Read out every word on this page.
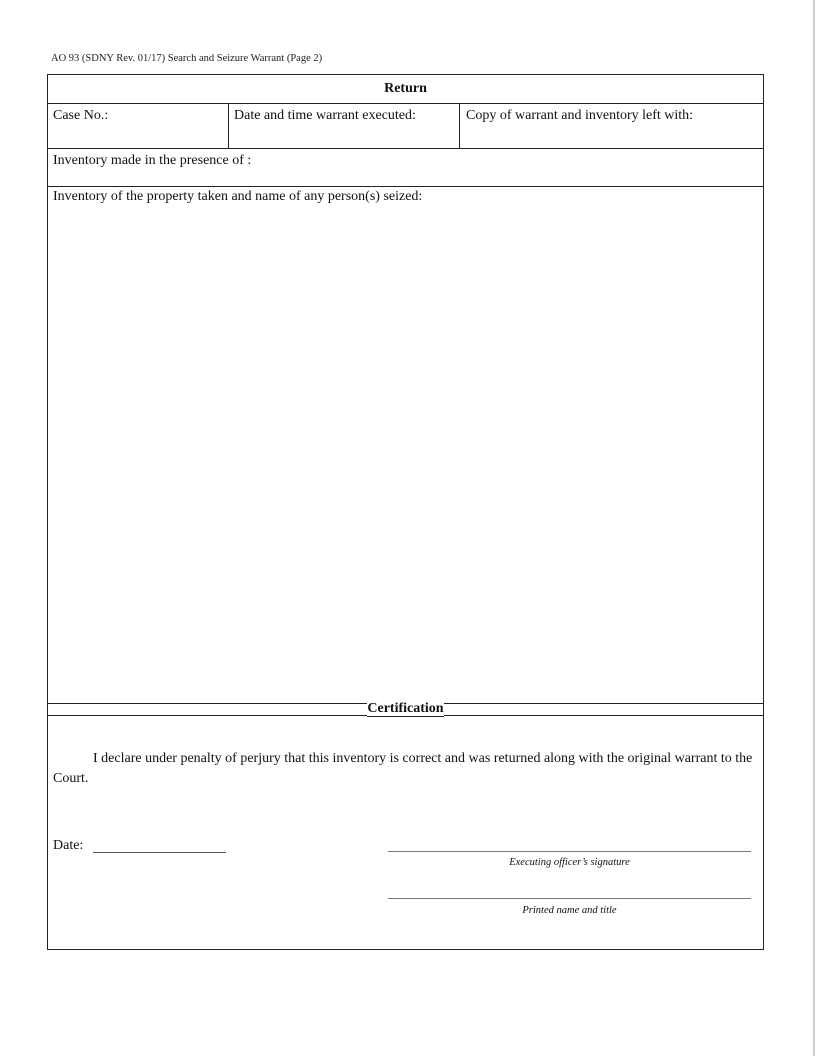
AO 93 (SDNY Rev. 01/17) Search and Seizure Warrant (Page 2)
Return
Case No.:	Date and time warrant executed:	Copy of warrant and inventory left with:
Inventory made in the presence of :
Inventory of the property taken and name of any person(s) seized:
Certification
I declare under penalty of perjury that this inventory is correct and was returned along with the original warrant to the Court.
Date:
Executing officer’s signature
Printed name and title
